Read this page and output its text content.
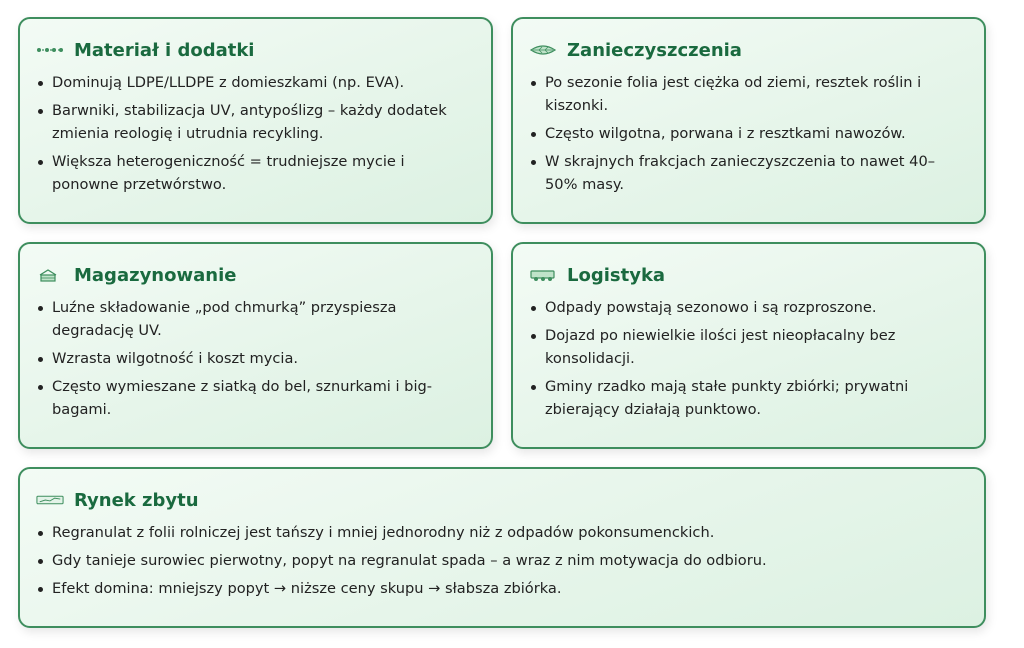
Materiał i dodatki
Dominują LDPE/LLDPE z domieszkami (np. EVA).
Barwniki, stabilizacja UV, antypoślizg – każdy dodatek zmienia reologię i utrudnia recykling.
Większa heterogeniczność = trudniejsze mycie i ponowne przetwórstwo.
Zanieczyszczenia
Po sezonie folia jest ciężka od ziemi, resztek roślin i kiszonki.
Często wilgotna, porwana i z resztkami nawozów.
W skrajnych frakcjach zanieczyszczenia to nawet 40–50% masy.
Magazynowanie
Luźne składowanie „pod chmurką” przyspiesza degradację UV.
Wzrasta wilgotność i koszt mycia.
Często wymieszane z siatką do bel, sznurkami i big-bagami.
Logistyka
Odpady powstają sezonowo i są rozproszone.
Dojazd po niewielkie ilości jest nieopłacalny bez konsolidacji.
Gminy rzadko mają stałe punkty zbiórki; prywatni zbierający działają punktowo.
Rynek zbytu
Regranulat z folii rolniczej jest tańszy i mniej jednorodny niż z odpadów pokonsumenckich.
Gdy tanieje surowiec pierwotny, popyt na regranulat spada – a wraz z nim motywacja do odbioru.
Efekt domina: mniejszy popyt → niższe ceny skupu → słabsza zbiórka.
